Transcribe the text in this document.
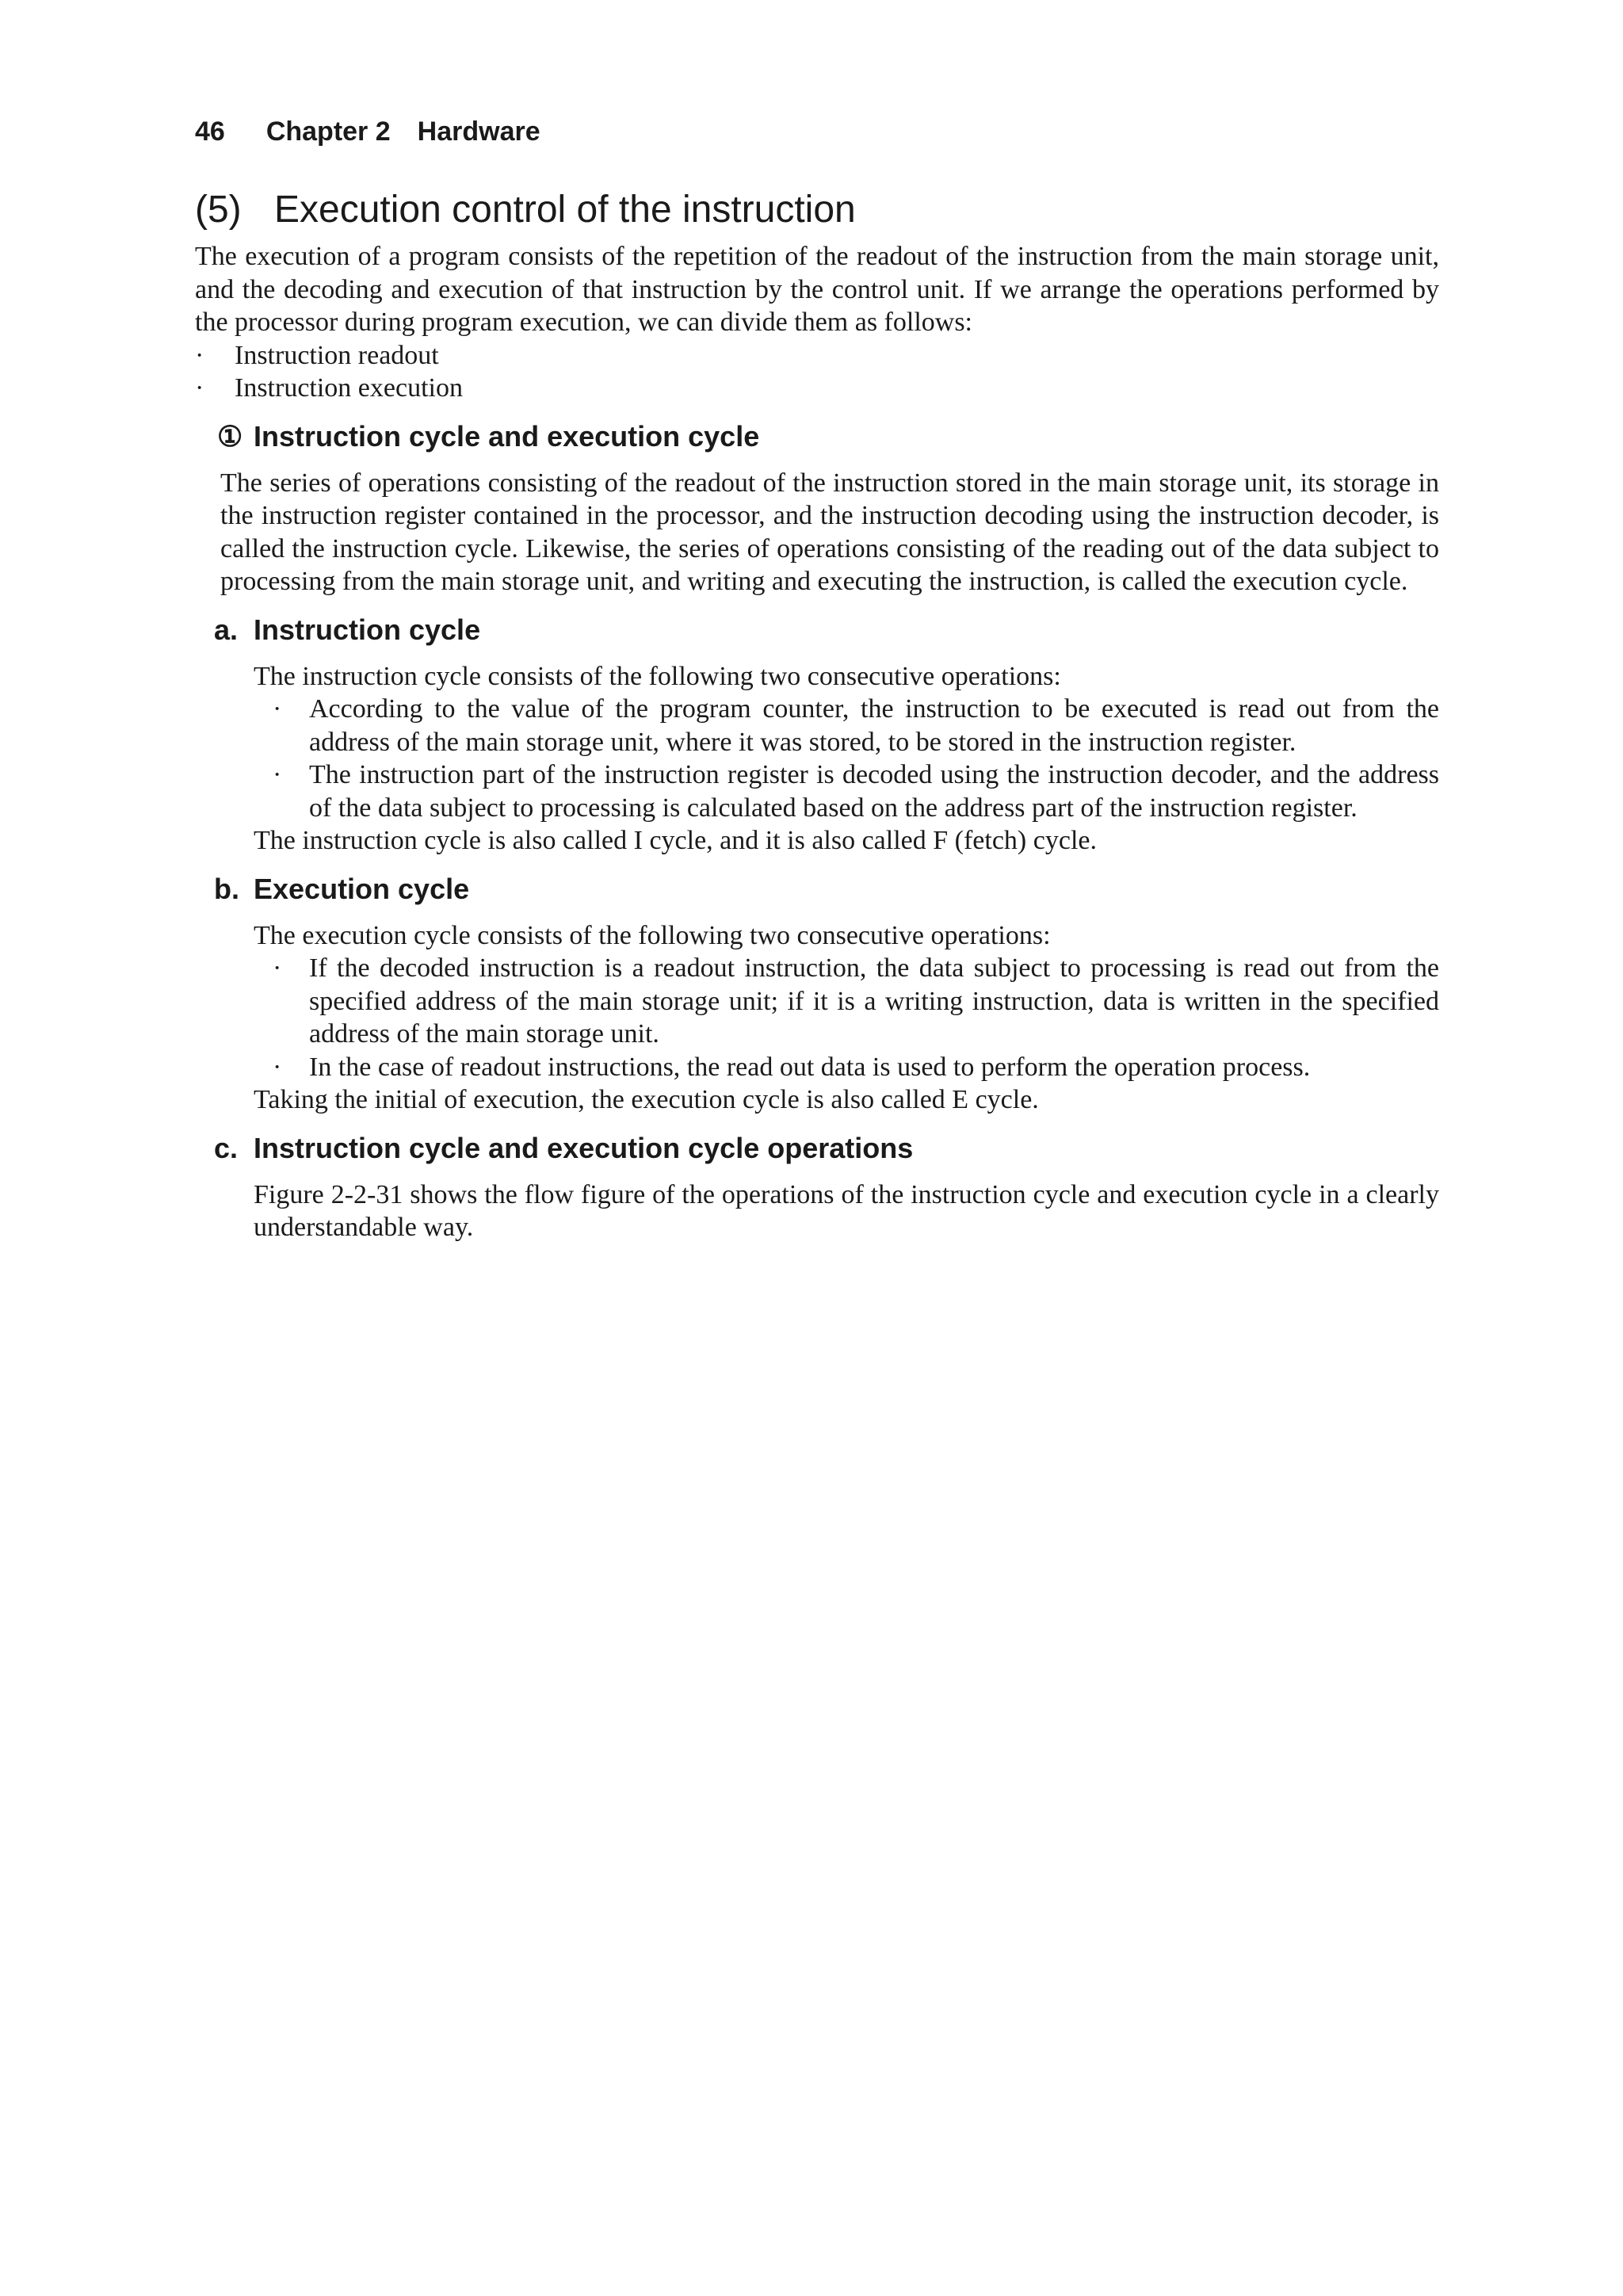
46 Chapter 2 Hardware
(5) Execution control of the instruction

The execution of a program consists of the repetition of the readout of the instruction from the main storage unit, and the decoding and execution of that instruction by the control unit. If we arrange the operations performed by the processor during program execution, we can divide them as follows:

·	Instruction readout
·	Instruction execution
① Instruction cycle and execution cycle

The series of operations consisting of the readout of the instruction stored in the main storage unit, its storage in the instruction register contained in the processor, and the instruction decoding using the instruction decoder, is called the instruction cycle. Likewise, the series of operations consisting of the reading out of the data subject to processing from the main storage unit, and writing and executing the instruction, is called the execution cycle.

a. Instruction cycle

The instruction cycle consists of the following two consecutive operations:

·	According to the value of the program counter, the instruction to be executed is read out from the address of the main storage unit, where it was stored, to be stored in the instruction register.
·	The instruction part of the instruction register is decoded using the instruction decoder, and the address of the data subject to processing is calculated based on the address part of the instruction register.

The instruction cycle is also called I cycle, and it is also called F (fetch) cycle.

b. Execution cycle

The execution cycle consists of the following two consecutive operations:

·	If the decoded instruction is a readout instruction, the data subject to processing is read out from the specified address of the main storage unit; if it is a writing instruction, data is written in the specified address of the main storage unit.
·	In the case of readout instructions, the read out data is used to perform the operation process.

Taking the initial of execution, the execution cycle is also called E cycle.

c. Instruction cycle and execution cycle operations

Figure 2-2-31 shows the flow figure of the operations of the instruction cycle and execution cycle in a clearly understandable way.
